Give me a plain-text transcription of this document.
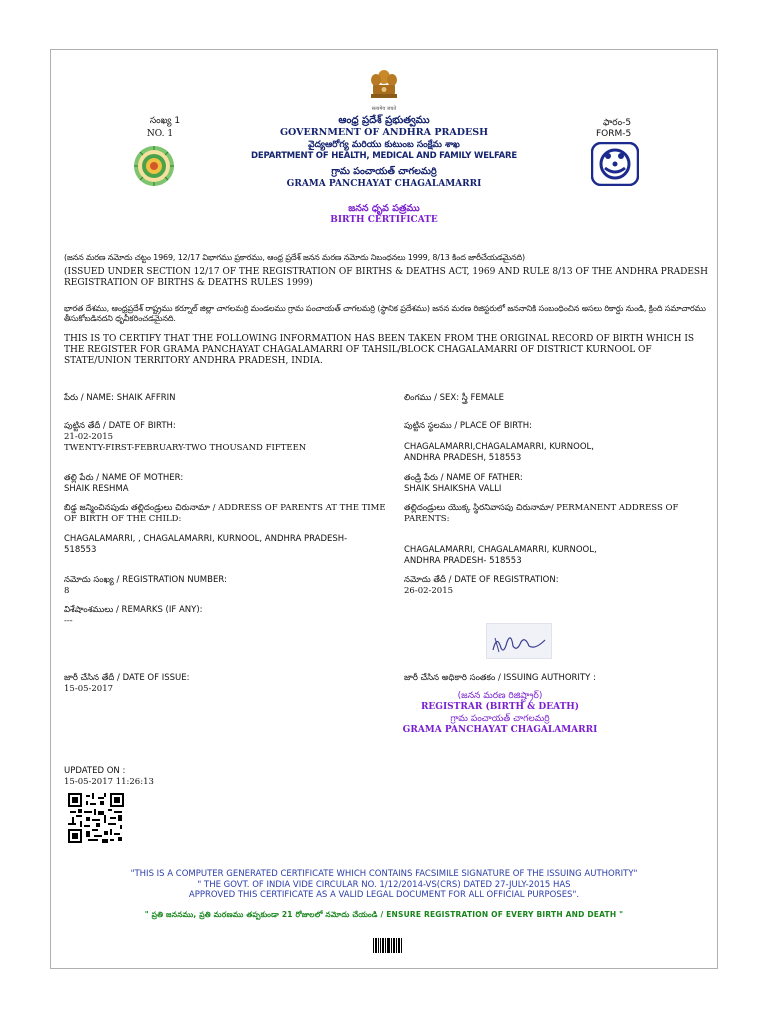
सत्यमेव जयते
సంఖ్య 1
NO. 1
ఫారం-5
FORM-5
ఆంధ్ర ప్రదేశ్ ప్రభుత్వము
GOVERNMENT OF ANDHRA PRADESH
వైద్యఆరోగ్య మరియు కుటుంబ సంక్షేమ శాఖ
DEPARTMENT OF HEALTH, MEDICAL AND FAMILY WELFARE
గ్రామ పంచాయత్ చాగలమర్రి
GRAMA PANCHAYAT CHAGALAMARRI
జనన ధృవ పత్రము
BIRTH CERTIFICATE
(జనన మరణ నమోదు చట్టం 1969, 12/17 విభాగము ప్రకారము, ఆంధ్ర ప్రదేశ్ జనన మరణ నమోదు నిబంధనలు 1999, 8/13 కింద జారీచేయడమైనది)
(ISSUED UNDER SECTION 12/17 OF THE REGISTRATION OF BIRTHS & DEATHS ACT, 1969 AND RULE 8/13 OF THE ANDHRA PRADESH REGISTRATION OF BIRTHS & DEATHS RULES 1999)
భారత దేశము, ఆంధ్రప్రదేశ్ రాష్ట్రము కర్నూల్ జిల్లా చాగలమర్రి మండలము గ్రామ పంచాయత్ చాగలమర్రి (స్థానిక ప్రదేశము) జనన మరణ రిజిస్టరులో జననానికి సంబంధించిన అసలు రికార్డు నుండి, క్రింది సమాచారము తీసుకోబడినదని ధృవీకరించడమైనది.
THIS IS TO CERTIFY THAT THE FOLLOWING INFORMATION HAS BEEN TAKEN FROM THE ORIGINAL RECORD OF BIRTH WHICH IS THE REGISTER FOR GRAMA PANCHAYAT CHAGALAMARRI OF TAHSIL/BLOCK CHAGALAMARRI OF DISTRICT KURNOOL OF STATE/UNION TERRITORY ANDHRA PRADESH, INDIA.
పేరు / NAME: SHAIK AFFRIN	లింగము / SEX: స్త్రీ FEMALE
పుట్టిన తేదీ / DATE OF BIRTH:
21-02-2015
TWENTY-FIRST-FEBRUARY-TWO THOUSAND FIFTEEN
పుట్టిన స్థలము / PLACE OF BIRTH:
CHAGALAMARRI,CHAGALAMARRI, KURNOOL,
ANDHRA PRADESH, 518553
తల్లి పేరు / NAME OF MOTHER:
SHAIK RESHMA
తండ్రి పేరు / NAME OF FATHER:
SHAIK SHAIKSHA VALLI
బిడ్డ జన్మించినపుడు తల్లిదండ్రులు చిరునామా / ADDRESS OF PARENTS AT THE TIME OF BIRTH OF THE CHILD:
CHAGALAMARRI, , CHAGALAMARRI, KURNOOL, ANDHRA PRADESH-
518553
తల్లిదండ్రులు యొక్క స్థిరనివాసపు చిరునామా/ PERMANENT ADDRESS OF PARENTS:
CHAGALAMARRI, CHAGALAMARRI, KURNOOL,
ANDHRA PRADESH- 518553
నమోదు సంఖ్య / REGISTRATION NUMBER:
8
నమోదు తేదీ / DATE OF REGISTRATION:
26-02-2015
విశేషాంశములు / REMARKS (IF ANY):
---
జారీ చేసిన తేదీ / DATE OF ISSUE:
15-05-2017
జారీ చేసిన అధికారి సంతకం / ISSUING AUTHORITY :
(జనన మరణ రిజిష్ట్రార్)
REGISTRAR (BIRTH & DEATH)
గ్రామ పంచాయత్ చాగలమర్రి
GRAMA PANCHAYAT CHAGALAMARRI
UPDATED ON :
15-05-2017 11:26:13
"THIS IS A COMPUTER GENERATED CERTIFICATE WHICH CONTAINS FACSIMILE SIGNATURE OF THE ISSUING AUTHORITY"
" THE GOVT. OF INDIA VIDE CIRCULAR NO. 1/12/2014-VS(CRS) DATED 27-JULY-2015 HAS
APPROVED THIS CERTIFICATE AS A VALID LEGAL DOCUMENT FOR ALL OFFICIAL PURPOSES".
" ప్రతి జననము, ప్రతి మరణము తప్పకుండా 21 రోజులలో నమోదు చేయండి / ENSURE REGISTRATION OF EVERY BIRTH AND DEATH "
